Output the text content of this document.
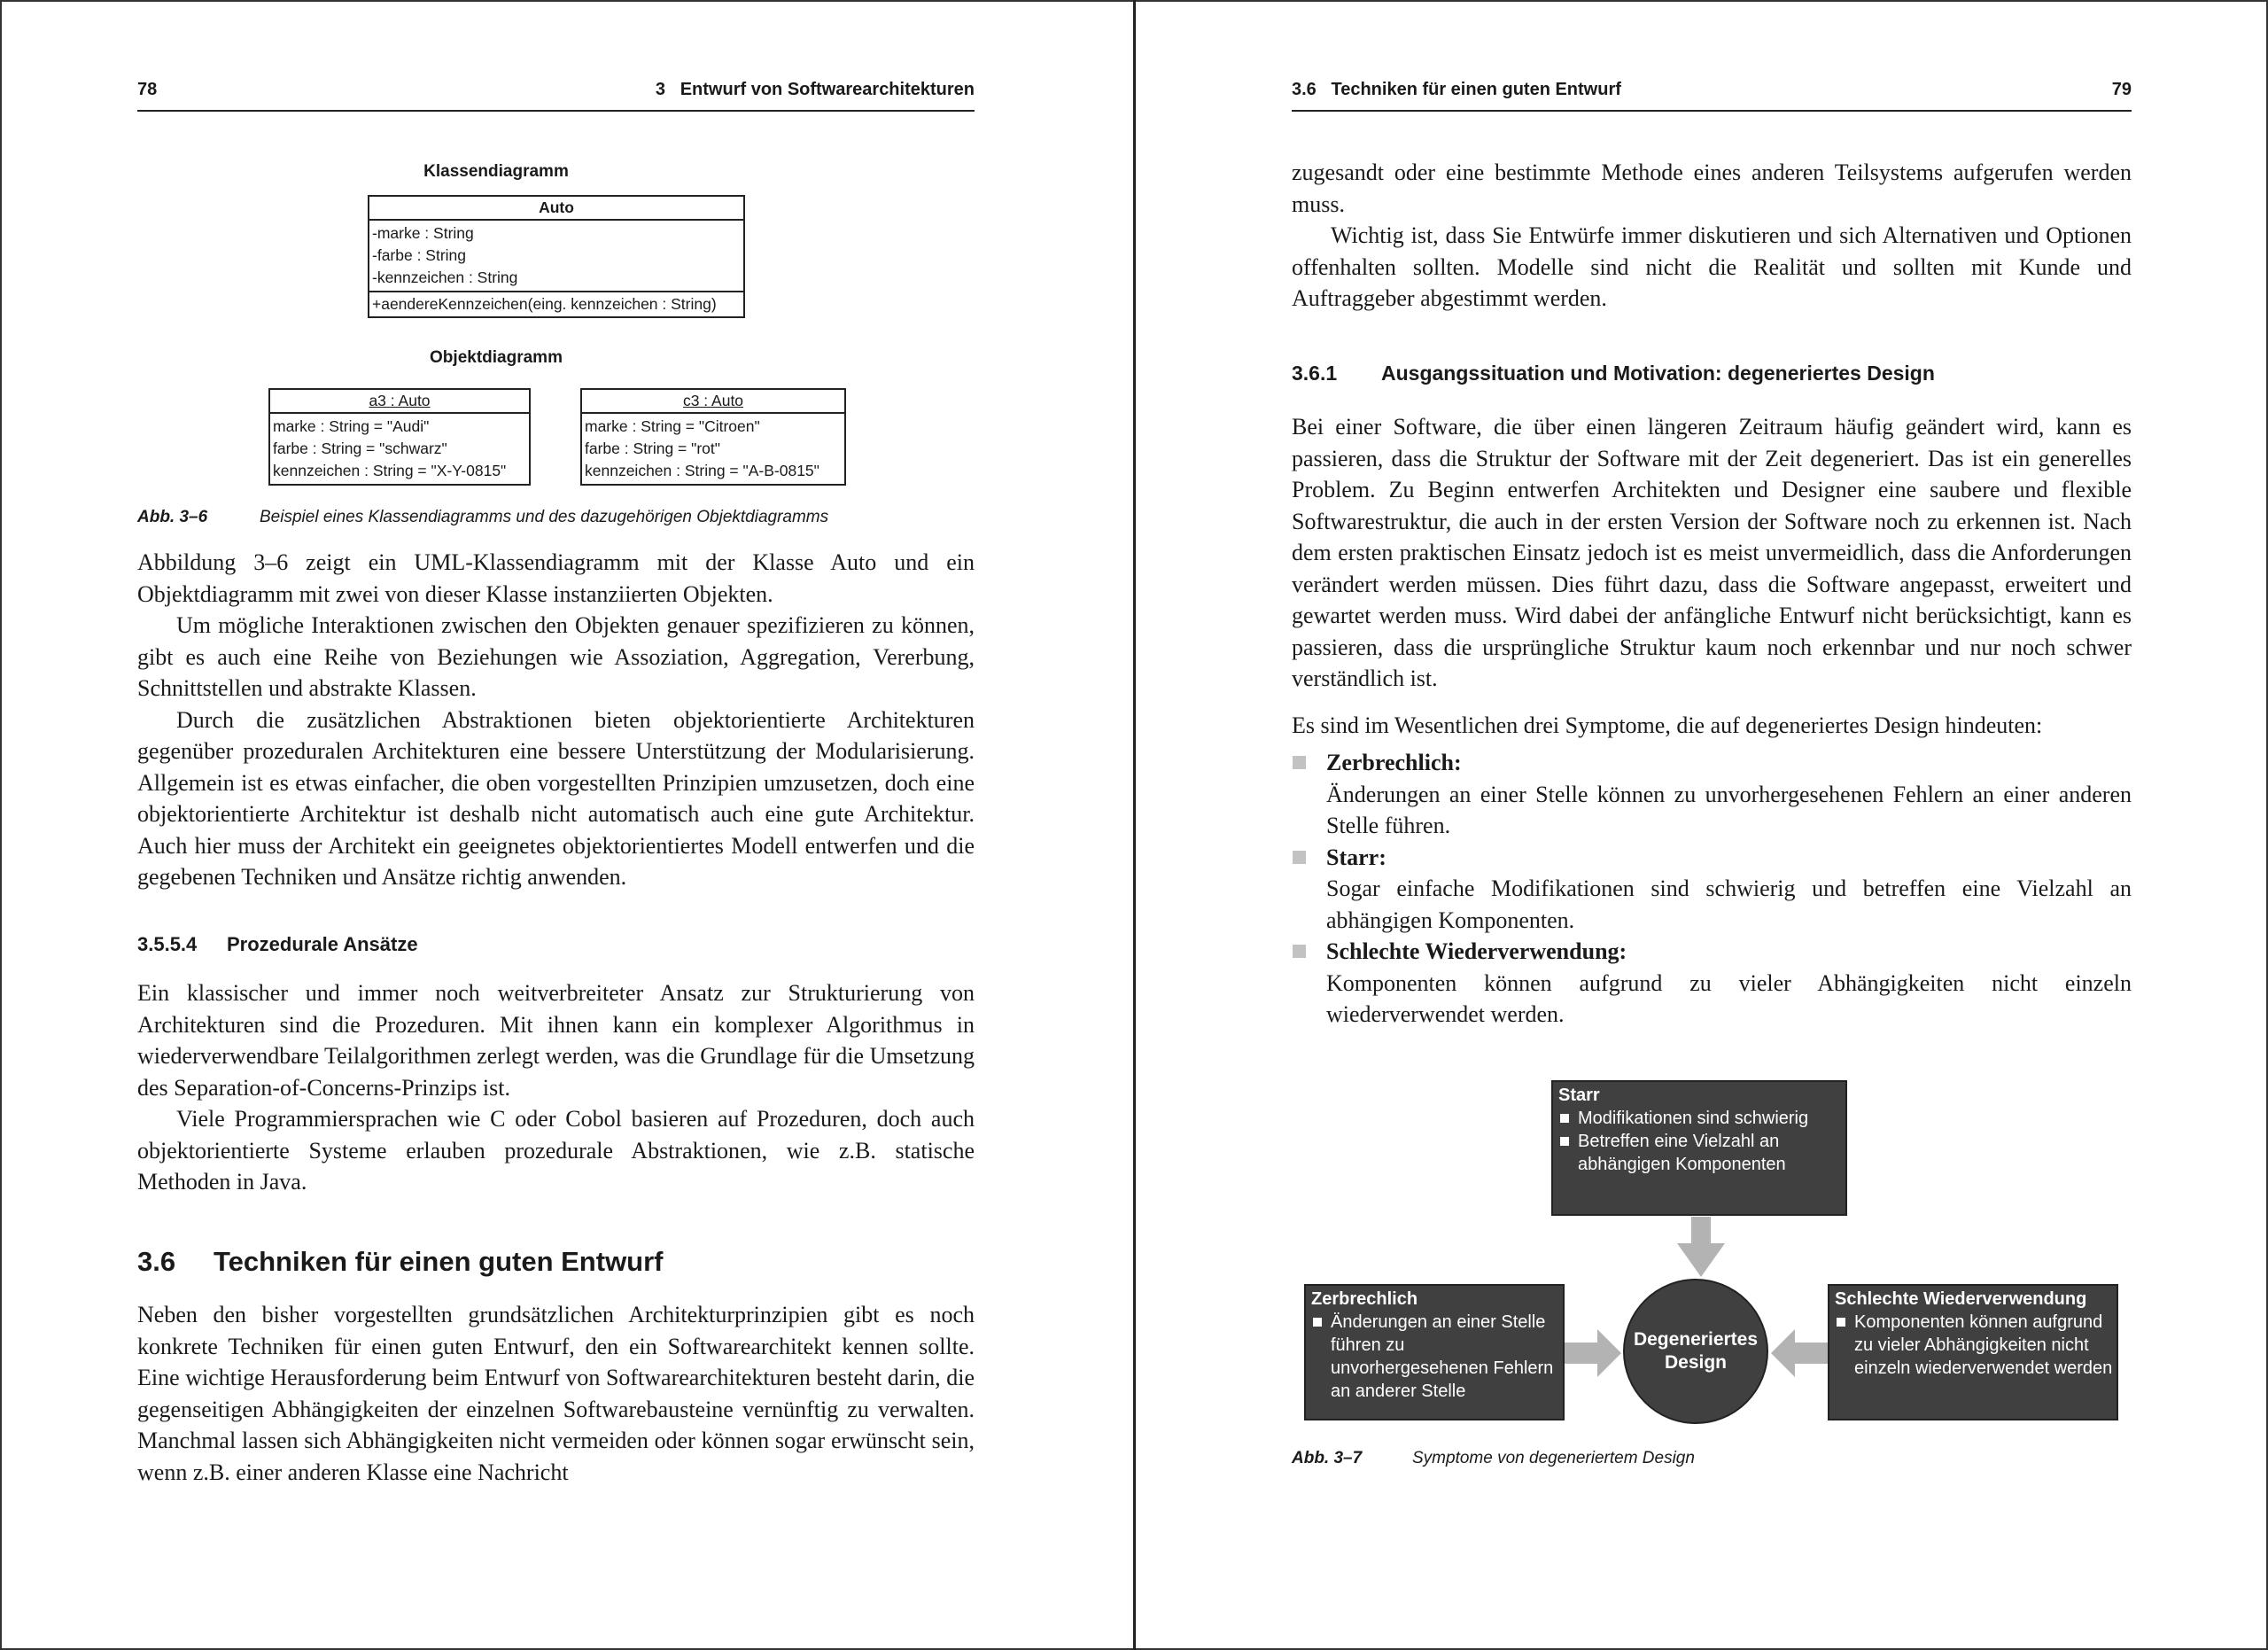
78	3   Entwurf von Softwarearchitekturen
Klassendiagramm
Auto
-marke : String
-farbe : String
-kennzeichen : String
+aendereKennzeichen(eing. kennzeichen : String)
Objektdiagramm
a3 : Auto
marke : String = "Audi"
farbe : String = "schwarz"
kennzeichen : String = "X-Y-0815"
c3 : Auto
marke : String = "Citroen"
farbe : String = "rot"
kennzeichen : String = "A-B-0815"
Abb. 3–6	Beispiel eines Klassendiagramms und des dazugehörigen Objektdiagramms

Abbildung 3–6 zeigt ein UML-Klassendiagramm mit der Klasse Auto und ein Objektdiagramm mit zwei von dieser Klasse instanziierten Objekten.

Um mögliche Interaktionen zwischen den Objekten genauer spezifizieren zu können, gibt es auch eine Reihe von Beziehungen wie Assoziation, Aggregation, Vererbung, Schnittstellen und abstrakte Klassen.

Durch die zusätzlichen Abstraktionen bieten objektorientierte Architekturen gegenüber prozeduralen Architekturen eine bessere Unterstützung der Modularisierung. Allgemein ist es etwas einfacher, die oben vorgestellten Prinzipien umzusetzen, doch eine objektorientierte Architektur ist deshalb nicht automatisch auch eine gute Architektur. Auch hier muss der Architekt ein geeignetes objektorientiertes Modell entwerfen und die gegebenen Techniken und Ansätze richtig anwenden.

3.5.5.4 Prozedurale Ansätze

Ein klassischer und immer noch weitverbreiteter Ansatz zur Strukturierung von Architekturen sind die Prozeduren. Mit ihnen kann ein komplexer Algorithmus in wiederverwendbare Teilalgorithmen zerlegt werden, was die Grundlage für die Umsetzung des Separation-of-Concerns-Prinzips ist.

Viele Programmiersprachen wie C oder Cobol basieren auf Prozeduren, doch auch objektorientierte Systeme erlauben prozedurale Abstraktionen, wie z.B. statische Methoden in Java.

3.6 Techniken für einen guten Entwurf

Neben den bisher vorgestellten grundsätzlichen Architekturprinzipien gibt es noch konkrete Techniken für einen guten Entwurf, den ein Softwarearchitekt kennen sollte. Eine wichtige Herausforderung beim Entwurf von Softwarearchitekturen besteht darin, die gegenseitigen Abhängigkeiten der einzelnen Softwarebausteine vernünftig zu verwalten. Manchmal lassen sich Abhängigkeiten nicht vermeiden oder können sogar erwünscht sein, wenn z.B. einer anderen Klasse eine Nachricht

3.6   Techniken für einen guten Entwurf	79

zugesandt oder eine bestimmte Methode eines anderen Teilsystems aufgerufen werden muss.

Wichtig ist, dass Sie Entwürfe immer diskutieren und sich Alternativen und Optionen offenhalten sollten. Modelle sind nicht die Realität und sollten mit Kunde und Auftraggeber abgestimmt werden.

3.6.1 Ausgangssituation und Motivation: degeneriertes Design

Bei einer Software, die über einen längeren Zeitraum häufig geändert wird, kann es passieren, dass die Struktur der Software mit der Zeit degeneriert. Das ist ein generelles Problem. Zu Beginn entwerfen Architekten und Designer eine saubere und flexible Softwarestruktur, die auch in der ersten Version der Software noch zu erkennen ist. Nach dem ersten praktischen Einsatz jedoch ist es meist unvermeidlich, dass die Anforderungen verändert werden müssen. Dies führt dazu, dass die Software angepasst, erweitert und gewartet werden muss. Wird dabei der anfängliche Entwurf nicht berücksichtigt, kann es passieren, dass die ursprüngliche Struktur kaum noch erkennbar und nur noch schwer verständlich ist.

Es sind im Wesentlichen drei Symptome, die auf degeneriertes Design hindeuten:

Zerbrechlich:
Änderungen an einer Stelle können zu unvorhergesehenen Fehlern an einer anderen Stelle führen.
Starr:
Sogar einfache Modifikationen sind schwierig und betreffen eine Vielzahl an abhängigen Komponenten.
Schlechte Wiederverwendung:
Komponenten können aufgrund zu vieler Abhängigkeiten nicht einzeln wiederverwendet werden.
Starr
Modifikationen sind schwierig
Betreffen eine Vielzahl an abhängigen Komponenten
Zerbrechlich
Änderungen an einer Stelle führen zu unvorhergesehenen Fehlern an anderer Stelle
Degeneriertes
Design
Schlechte Wiederverwendung
Komponenten können aufgrund zu vieler Abhängigkeiten nicht einzeln wiederverwendet werden
Abb. 3–7	Symptome von degeneriertem Design
